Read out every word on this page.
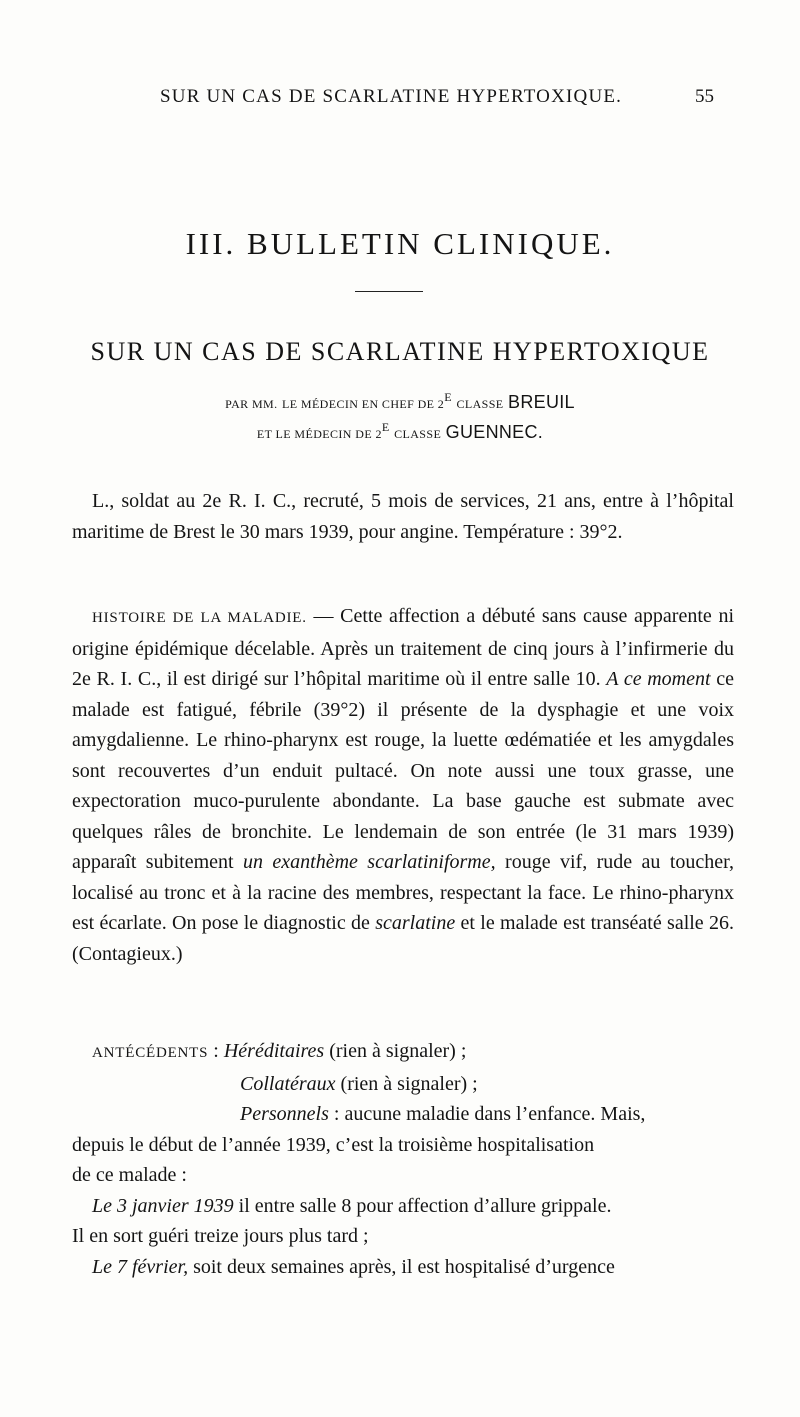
SUR UN CAS DE SCARLATINE HYPERTOXIQUE.	55
III. BULLETIN CLINIQUE.
SUR UN CAS DE SCARLATINE HYPERTOXIQUE
PAR MM. LE MÉDECIN EN CHEF DE $2^E$ CLASSE BREUIL
ET LE MÉDECIN DE $2^E$ CLASSE GUENNEC.

L., soldat au 2e R. I. C., recruté, 5 mois de services, 21 ans, entre à l’hôpital maritime de Brest le 30 mars 1939, pour angine. Température : 39°2.

HISTOIRE DE LA MALADIE. — Cette affection a débuté sans cause apparente ni origine épidémique décelable. Après un traitement de cinq jours à l’infirmerie du 2e R. I. C., il est dirigé sur l’hôpital maritime où il entre salle 10. A ce moment ce malade est fatigué, fébrile (39°2) il présente de la dysphagie et une voix amygdalienne. Le rhino-pharynx est rouge, la luette œdématiée et les amygdales sont recouvertes d’un enduit pultacé. On note aussi une toux grasse, une expectoration muco-purulente abondante. La base gauche est submate avec quelques râles de bronchite. Le lendemain de son entrée (le 31 mars 1939) apparaît subitement un exanthème scarlatiniforme, rouge vif, rude au toucher, localisé au tronc et à la racine des membres, respectant la face. Le rhino-pharynx est écarlate. On pose le diagnostic de scarlatine et le malade est transéaté salle 26. (Contagieux.)

ANTÉCÉDENTS : Héréditaires (rien à signaler) ;
Collatéraux (rien à signaler) ;
Personnels : aucune maladie dans l’enfance. Mais,
depuis le début de l’année 1939, c’est la troisième hospitalisation
de ce malade :
Le 3 janvier 1939 il entre salle 8 pour affection d’allure grippale.
Il en sort guéri treize jours plus tard ;
Le 7 février, soit deux semaines après, il est hospitalisé d’urgence
